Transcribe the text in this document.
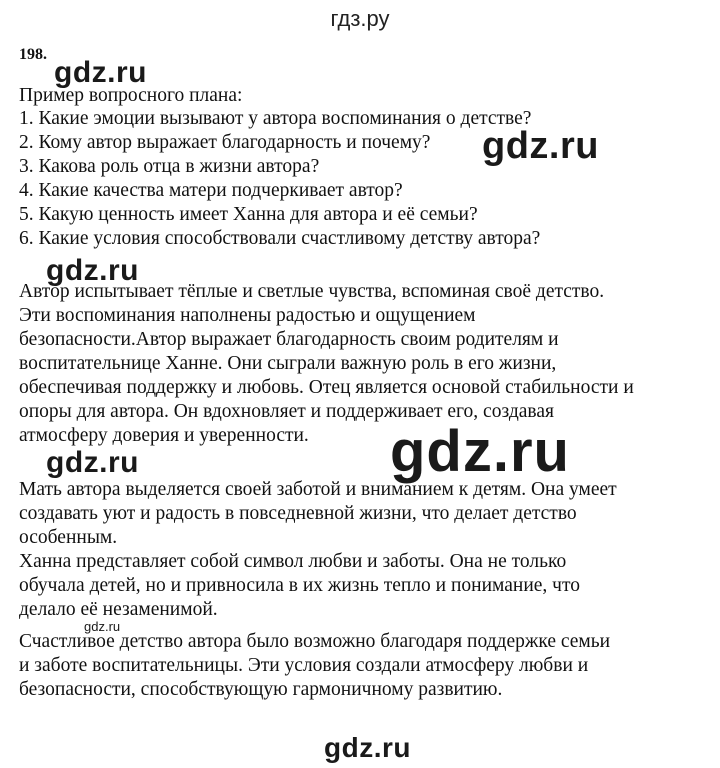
гдз.ру
198.
gdz.ru
Пример вопросного плана:
1. Какие эмоции вызывают у автора воспоминания о детстве?
2. Кому автор выражает благодарность и почему?
3. Какова роль отца в жизни автора?
4. Какие качества матери подчеркивает автор?
5. Какую ценность имеет Ханна для автора и её семьи?
6. Какие условия способствовали счастливому детству автора?
gdz.ru
gdz.ru
Автор испытывает тёплые и светлые чувства, вспоминая своё детство.
Эти воспоминания наполнены радостью и ощущением
безопасности.Автор выражает благодарность своим родителям и
воспитательнице Ханне. Они сыграли важную роль в его жизни,
обеспечивая поддержку и любовь. Отец является основой стабильности и
опоры для автора. Он вдохновляет и поддерживает его, создавая
атмосферу доверия и уверенности. gdz.ru
gdz.ru
Мать автора выделяется своей заботой и вниманием к детям. Она умеет
создавать уют и радость в повседневной жизни, что делает детство
особенным.
Ханна представляет собой символ любви и заботы. Она не только
обучала детей, но и привносила в их жизнь тепло и понимание, что
делало её незаменимой.
gdz.ru
Счастливое детство автора было возможно благодаря поддержке семьи
и заботе воспитательницы. Эти условия создали атмосферу любви и
безопасности, способствующую гармоничному развитию.
gdz.ru
